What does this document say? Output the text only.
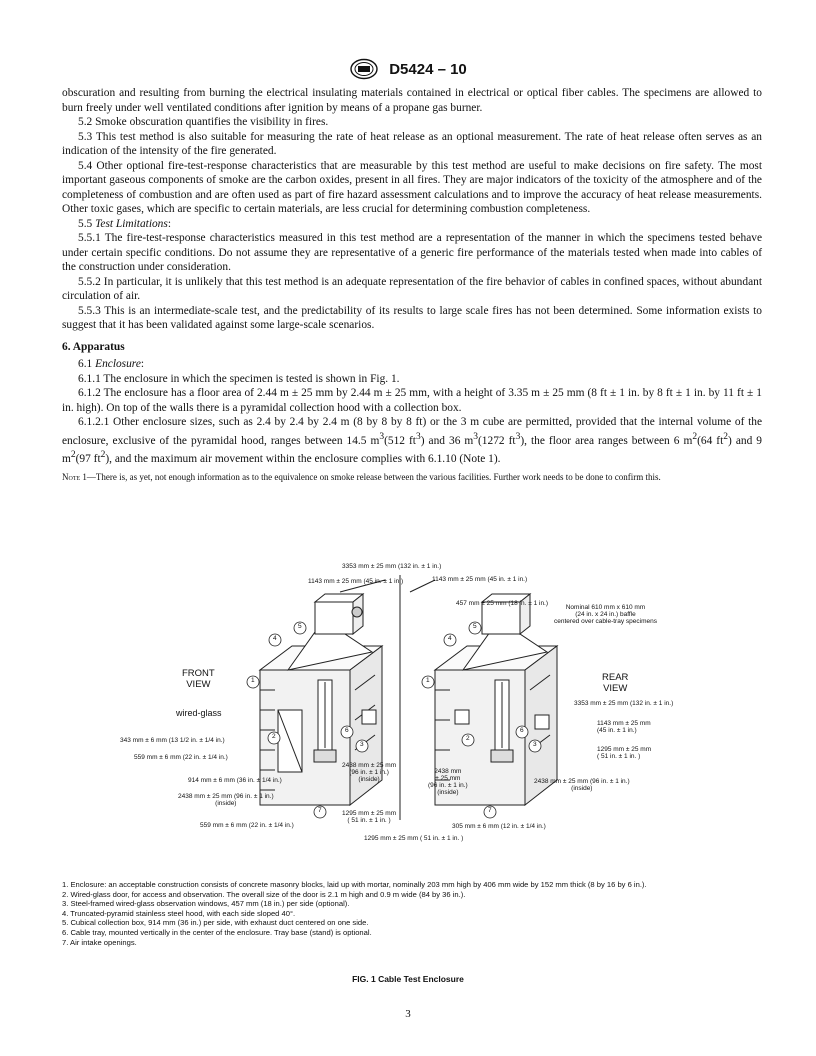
D5424 – 10

obscuration and resulting from burning the electrical insulating materials contained in electrical or optical fiber cables. The specimens are allowed to burn freely under well ventilated conditions after ignition by means of a propane gas burner.

5.2 Smoke obscuration quantifies the visibility in fires.

5.3 This test method is also suitable for measuring the rate of heat release as an optional measurement. The rate of heat release often serves as an indication of the intensity of the fire generated.

5.4 Other optional fire-test-response characteristics that are measurable by this test method are useful to make decisions on fire safety. The most important gaseous components of smoke are the carbon oxides, present in all fires. They are major indicators of the toxicity of the atmosphere and of the completeness of combustion and are often used as part of fire hazard assessment calculations and to improve the accuracy of heat release measurements. Other toxic gases, which are specific to certain materials, are less crucial for determining combustion completeness.

5.5 Test Limitations:

5.5.1 The fire-test-response characteristics measured in this test method are a representation of the manner in which the specimens tested behave under certain specific conditions. Do not assume they are representative of a generic fire performance of the materials tested when made into cables of the construction under consideration.

5.5.2 In particular, it is unlikely that this test method is an adequate representation of the fire behavior of cables in confined spaces, without abundant circulation of air.

5.5.3 This is an intermediate-scale test, and the predictability of its results to large scale fires has not been determined. Some information exists to suggest that it has been validated against some large-scale scenarios.

6. Apparatus

6.1 Enclosure:

6.1.1 The enclosure in which the specimen is tested is shown in Fig. 1.

6.1.2 The enclosure has a floor area of 2.44 m ± 25 mm by 2.44 m ± 25 mm, with a height of 3.35 m ± 25 mm (8 ft ± 1 in. by 8 ft ± 1 in. by 11 ft ± 1 in. high). On top of the walls there is a pyramidal collection hood with a collection box.

6.1.2.1 Other enclosure sizes, such as 2.4 by 2.4 by 2.4 m (8 by 8 by 8 ft) or the 3 m cube are permitted, provided that the internal volume of the enclosure, exclusive of the pyramidal hood, ranges between 14.5 $m^3(512$ $ft^3$) and 36 $m^3(1272$ $ft^3$), the floor area ranges between 6 $m^2(64$ $ft^2$) and 9 $m^2(97$ $ft^2$), and the maximum air movement within the enclosure complies with 6.1.10 (Note 1).

Note 1—There is, as yet, not enough information as to the equivalence on smoke release between the various facilities. Further work needs to be done to confirm this.

1
2
3
4
5
6
7
1
2
3
4
5
6
7
3353 mm ± 25 mm (132 in. ± 1 in.)
1143 mm ± 25 mm (45 in. ± 1 in.)	1143 mm ± 25 mm (45 in. ± 1 in.)
457 mm ± 25 mm (18 in. ± 1 in.)
Nominal 610 mm x 610 mm
(24 in. x 24 in.) baffle
centered over cable-tray specimens
FRONT
VIEW
REAR
VIEW
wired-glass
343 mm ± 6 mm (13 1/2 in. ± 1/4 in.)
559 mm ± 6 mm (22 in. ± 1/4 in.)
914 mm ± 6 mm (36 in. ± 1/4 in.)
2438 mm ± 25 mm (96 in. ± 1 in.)
(inside)
559 mm ± 6 mm (22 in. ± 1/4 in.)
2438 mm ± 25 mm
(96 in. ± 1 in.)
(inside)
2438 mm
± 25 mm
(96 in. ± 1 in.)
(inside)
1295 mm ± 25 mm
( 51 in. ± 1 in. )
305 mm ± 6 mm (12 in. ± 1/4 in.)
1295 mm ± 25 mm ( 51 in. ± 1 in. )
3353 mm ± 25 mm (132 in. ± 1 in.)
1143 mm ± 25 mm
(45 in. ± 1 in.)
1295 mm ± 25 mm
( 51 in. ± 1 in. )
2438 mm ± 25 mm (96 in. ± 1 in.)
(inside)

1. Enclosure: an acceptable construction consists of concrete masonry blocks, laid up with mortar, nominally 203 mm high by 406 mm wide by 152 mm thick (8 by 16 by 6 in.).

2. Wired-glass door, for access and observation. The overall size of the door is 2.1 m high and 0.9 m wide (84 by 36 in.).

3. Steel-framed wired-glass observation windows, 457 mm (18 in.) per side (optional).

4. Truncated-pyramid stainless steel hood, with each side sloped 40°.

5. Cubical collection box, 914 mm (36 in.) per side, with exhaust duct centered on one side.

6. Cable tray, mounted vertically in the center of the enclosure. Tray base (stand) is optional.

7. Air intake openings.

FIG. 1 Cable Test Enclosure
3
